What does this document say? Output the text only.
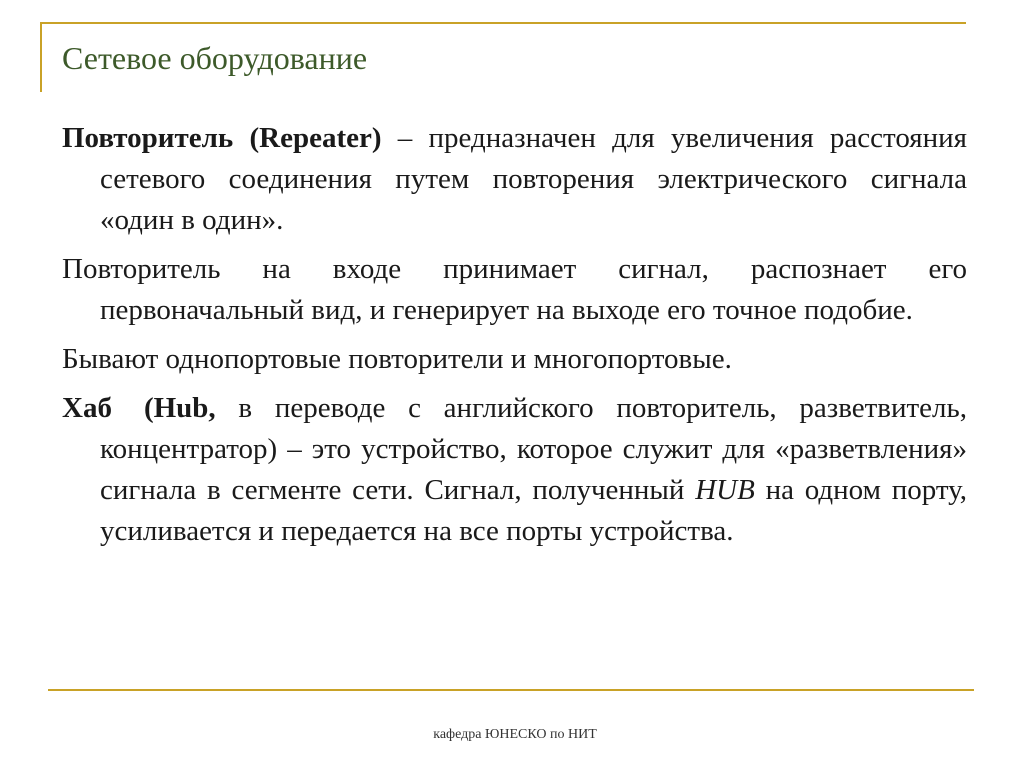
Сетевое оборудование

Повторитель (Repeater) – предназначен для увеличения расстояния сетевого соединения путем повторения электрического сигнала «один в один».

Повторитель на входе принимает сигнал, распознает его первоначальный вид, и генерирует на выходе его точное подобие.

Бывают однопортовые повторители и многопортовые.

Хаб (Hub, в переводе с английского повторитель, разветвитель, концентратор) – это устройство, которое служит для «разветвления» сигнала в сегменте сети. Сигнал, полученный HUB на одном порту, усиливается и передается на все порты устройства.

кафедра ЮНЕСКО по НИТ
